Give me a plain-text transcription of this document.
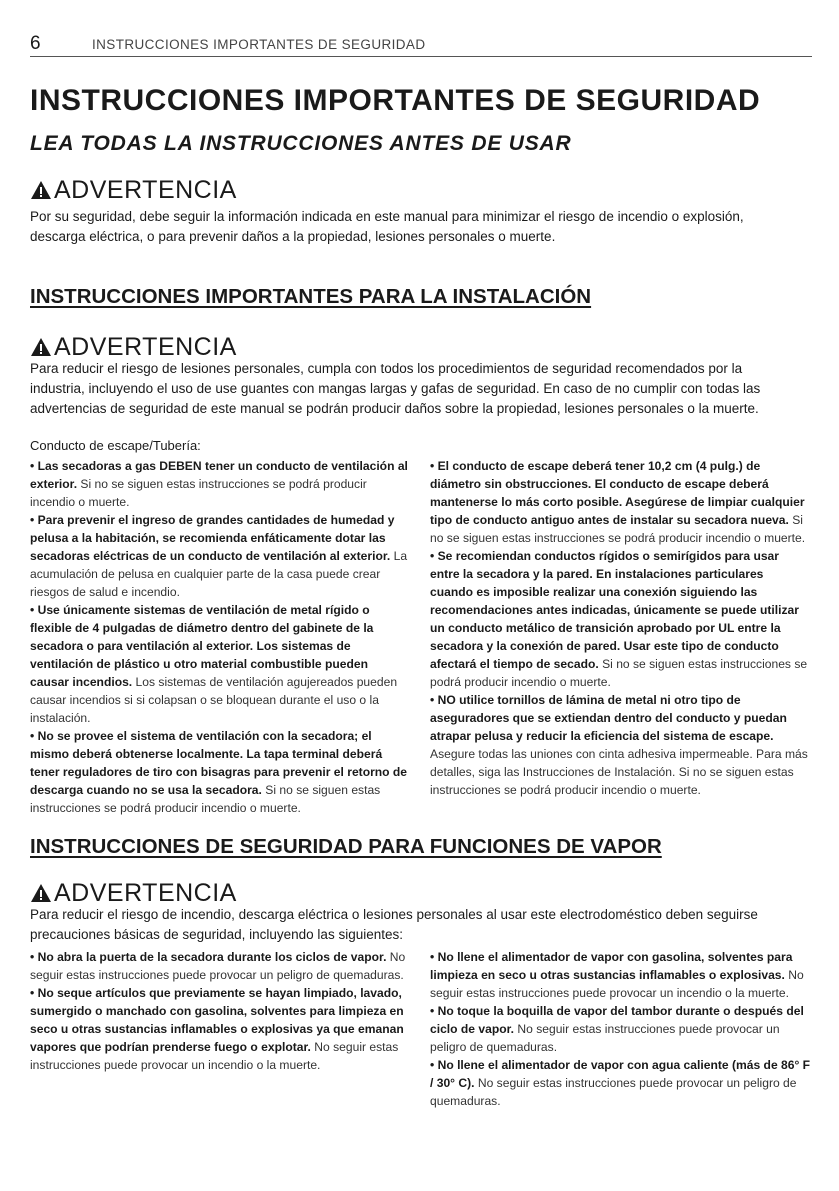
6	INSTRUCCIONES IMPORTANTES DE SEGURIDAD
INSTRUCCIONES IMPORTANTES DE SEGURIDAD
LEA TODAS LA INSTRUCCIONES ANTES DE USAR
ADVERTENCIA
Por su seguridad, debe seguir la información indicada en este manual para minimizar el riesgo de incendio o explosión, descarga eléctrica, o para prevenir daños a la propiedad, lesiones personales o muerte.
INSTRUCCIONES IMPORTANTES PARA LA INSTALACIÓN
ADVERTENCIA
Para reducir el riesgo de lesiones personales, cumpla con todos los procedimientos de seguridad recomendados por la industria, incluyendo el uso de use guantes con mangas largas y gafas de seguridad. En caso de no cumplir con todas las advertencias de seguridad de este manual se podrán producir daños sobre la propiedad, lesiones personales o la muerte.
Conducto de escape/Tubería:

• Las secadoras a gas DEBEN tener un conducto de ventilación al exterior. Si no se siguen estas instrucciones se podrá producir incendio o muerte.

• Para prevenir el ingreso de grandes cantidades de humedad y pelusa a la habitación, se recomienda enfáticamente dotar las secadoras eléctricas de un conducto de ventilación al exterior. La acumulación de pelusa en cualquier parte de la casa puede crear riesgos de salud e incendio.

• Use únicamente sistemas de ventilación de metal rígido o flexible de 4 pulgadas de diámetro dentro del gabinete de la secadora o para ventilación al exterior. Los sistemas de ventilación de plástico u otro material combustible pueden causar incendios. Los sistemas de ventilación agujereados pueden causar incendios si si colapsan o se bloquean durante el uso o la instalación.

• No se provee el sistema de ventilación con la secadora; el mismo deberá obtenerse localmente. La tapa terminal deberá tener reguladores de tiro con bisagras para prevenir el retorno de descarga cuando no se usa la secadora. Si no se siguen estas instrucciones se podrá producir incendio o muerte.

• El conducto de escape deberá tener 10,2 cm (4 pulg.) de diámetro sin obstrucciones. El conducto de escape deberá mantenerse lo más corto posible. Asegúrese de limpiar cualquier tipo de conducto antiguo antes de instalar su secadora nueva. Si no se siguen estas instrucciones se podrá producir incendio o muerte.

• Se recomiendan conductos rígidos o semirígidos para usar entre la secadora y la pared. En instalaciones particulares cuando es imposible realizar una conexión siguiendo las recomendaciones antes indicadas, únicamente se puede utilizar un conducto metálico de transición aprobado por UL entre la secadora y la conexión de pared. Usar este tipo de conducto afectará el tiempo de secado. Si no se siguen estas instrucciones se podrá producir incendio o muerte.

• NO utilice tornillos de lámina de metal ni otro tipo de aseguradores que se extiendan dentro del conducto y puedan atrapar pelusa y reducir la eficiencia del sistema de escape. Asegure todas las uniones con cinta adhesiva impermeable. Para más detalles, siga las Instrucciones de Instalación. Si no se siguen estas instrucciones se podrá producir incendio o muerte.

INSTRUCCIONES DE SEGURIDAD PARA FUNCIONES DE VAPOR
ADVERTENCIA
Para reducir el riesgo de incendio, descarga eléctrica o lesiones personales al usar este electrodoméstico deben seguirse precauciones básicas de seguridad, incluyendo las siguientes:

• No abra la puerta de la secadora durante los ciclos de vapor. No seguir estas instrucciones puede provocar un peligro de quemaduras.

• No seque artículos que previamente se hayan limpiado, lavado, sumergido o manchado con gasolina, solventes para limpieza en seco u otras sustancias inflamables o explosivas ya que emanan vapores que podrían prenderse fuego o explotar. No seguir estas instrucciones puede provocar un incendio o la muerte.

• No llene el alimentador de vapor con gasolina, solventes para limpieza en seco u otras sustancias inflamables o explosivas. No seguir estas instrucciones puede provocar un incendio o la muerte.

• No toque la boquilla de vapor del tambor durante o después del ciclo de vapor. No seguir estas instrucciones puede provocar un peligro de quemaduras.

• No llene el alimentador de vapor con agua caliente (más de 86° F / 30° C). No seguir estas instrucciones puede provocar un peligro de quemaduras.
